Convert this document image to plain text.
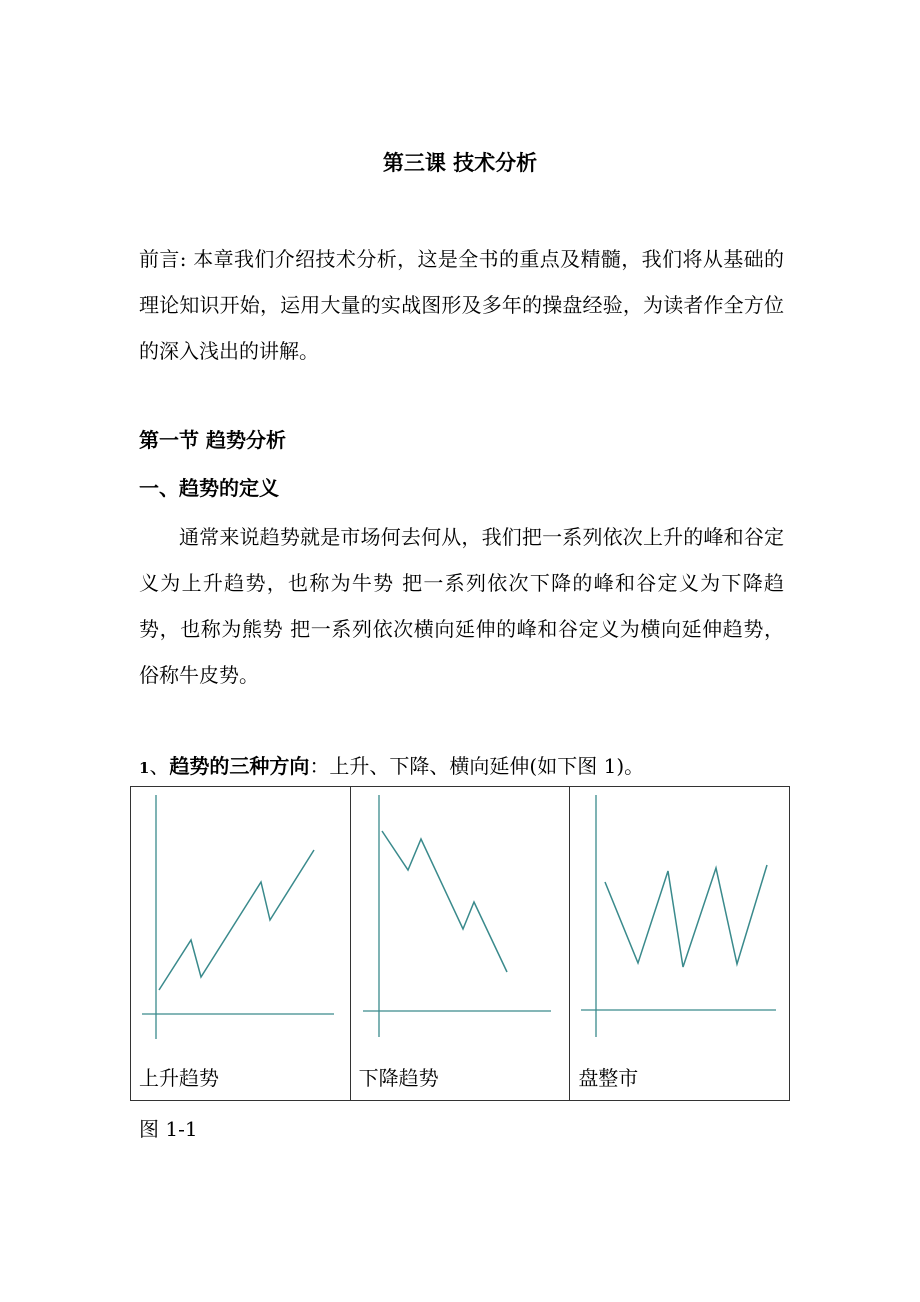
第三课 技术分析
前言: 本章我们介绍技术分析，这是全书的重点及精髓，我们将从基础的理论知识开始，运用大量的实战图形及多年的操盘经验，为读者作全方位的深入浅出的讲解。
第一节 趋势分析
一、趋势的定义
通常来说趋势就是市场何去何从，我们把一系列依次上升的峰和谷定义为上升趋势，也称为牛势 把一系列依次下降的峰和谷定义为下降趋势，也称为熊势 把一系列依次横向延伸的峰和谷定义为横向延伸趋势，俗称牛皮势。
1、趋势的三种方向：上升、下降、横向延伸(如下图 1)。
上升趋势	下降趋势	盘整市
图 1-1
